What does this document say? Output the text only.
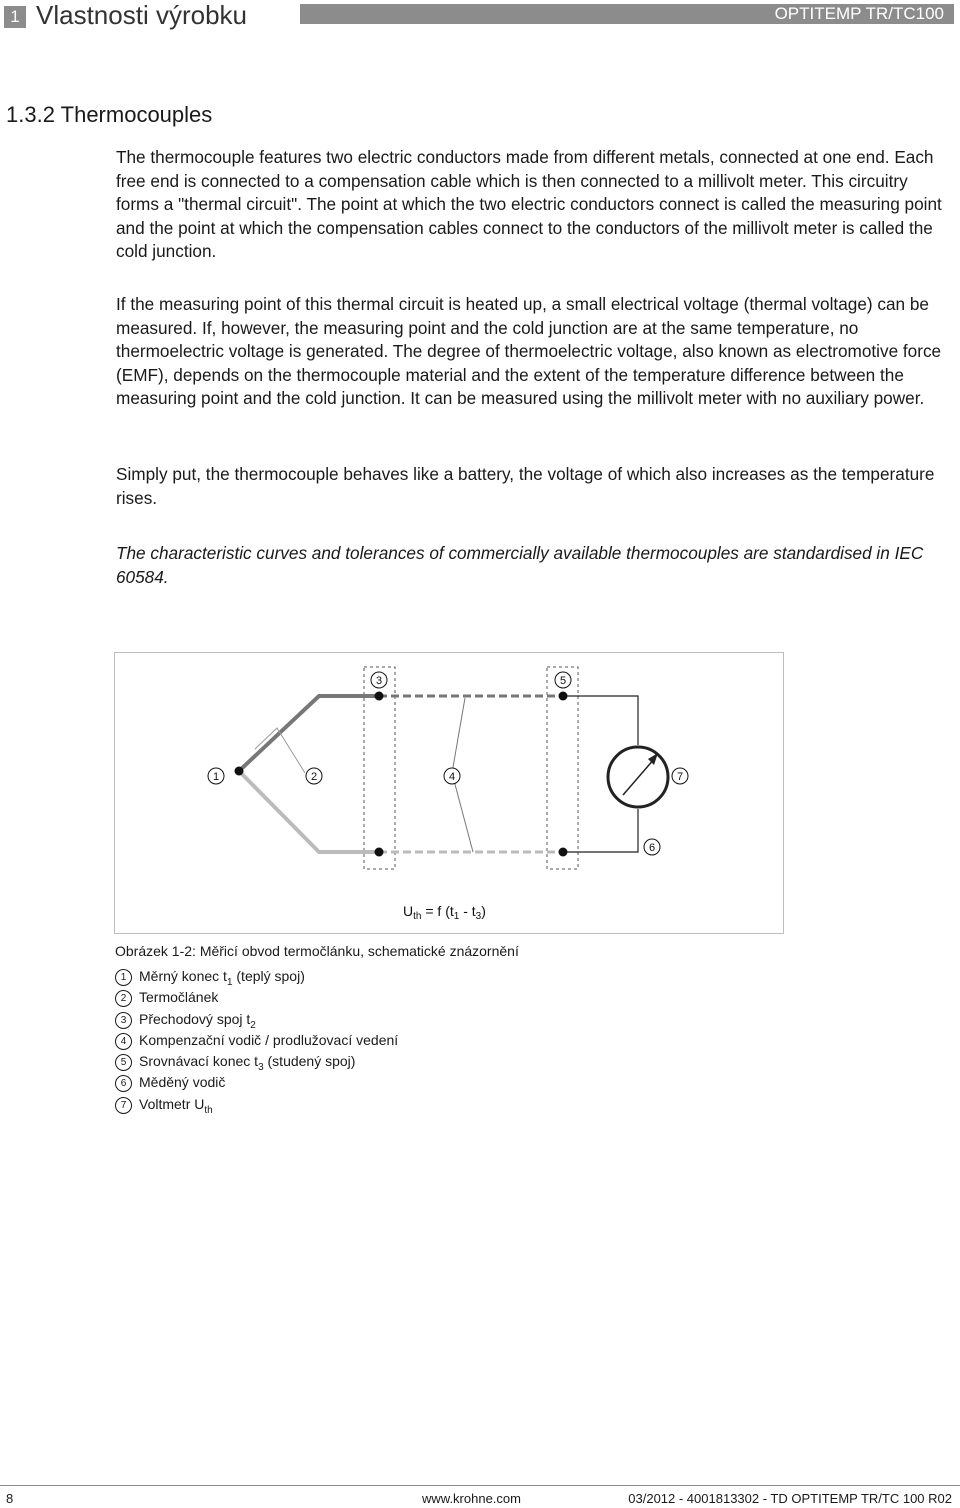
1 Vlastnosti výrobku	OPTITEMP TR/TC100
1.3.2 Thermocouples

The thermocouple features two electric conductors made from different metals, connected at one end. Each free end is connected to a compensation cable which is then connected to a millivolt meter. This circuitry forms a "thermal circuit". The point at which the two electric conductors connect is called the measuring point and the point at which the compensation cables connect to the conductors of the millivolt meter is called the cold junction.

If the measuring point of this thermal circuit is heated up, a small electrical voltage (thermal voltage) can be measured. If, however, the measuring point and the cold junction are at the same temperature, no thermoelectric voltage is generated. The degree of thermoelectric voltage, also known as electromotive force (EMF), depends on the thermocouple material and the extent of the temperature difference between the measuring point and the cold junction. It can be measured using the millivolt meter with no auxiliary power.

Simply put, the thermocouple behaves like a battery, the voltage of which also increases as the temperature rises.

The characteristic curves and tolerances of commercially available thermocouples are standardised in IEC 60584.

1	2
3
4
5
6
7
$U_{th} = f$ $(t_1 - t_3)$
Obrázek 1-2: Měřicí obvod termočlánku, schematické znázornění
1 Měrný konec $t_1$ (teplý spoj)
2 Termočlánek
3 Přechodový spoj $t_2$
4 Kompenzační vodič / prodlužovací vedení
5 Srovnávací konec $t_3$ (studený spoj)
6 Měděný vodič
7 Voltmetr $U_{th}$
8	www.krohne.com	03/2012 - 4001813302 - TD OPTITEMP TR/TC 100 R02
